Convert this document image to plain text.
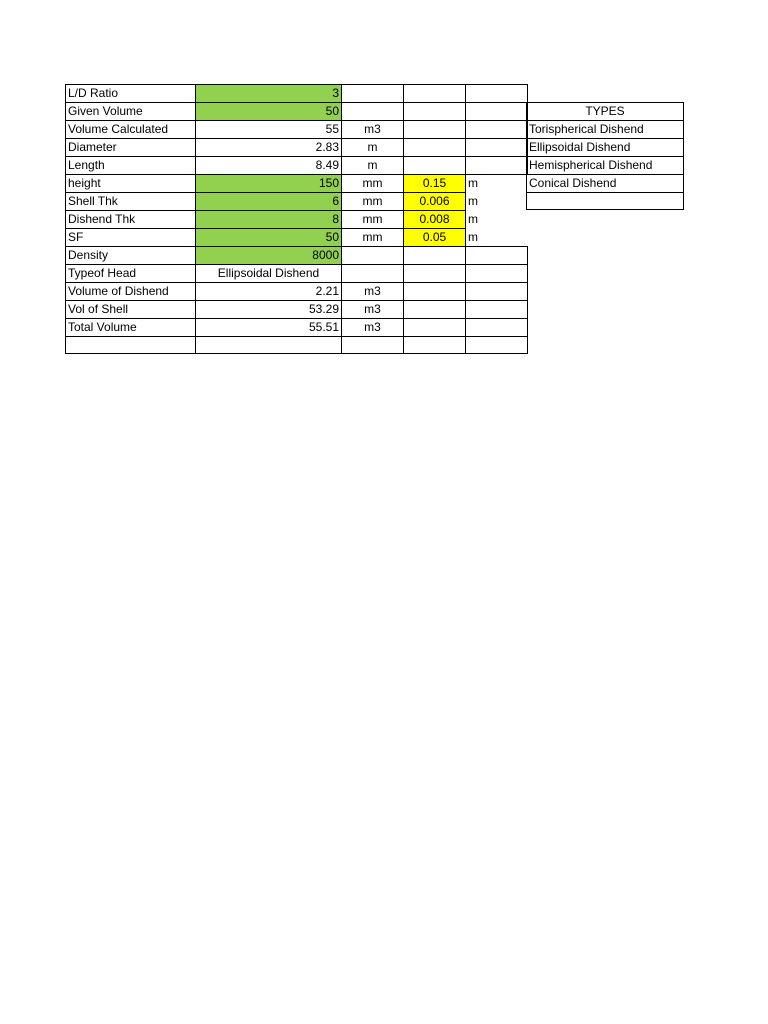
L/D Ratio	3			
Given Volume	50			
Volume Calculated	55	m3		
Diameter	2.83	m		
Length	8.49	m		
height	150	mm	0.15	m
Shell Thk	6	mm	0.006	m
Dishend Thk	8	mm	0.008	m
SF	50	mm	0.05	m
Density	8000			
Typeof Head	Ellipsoidal Dishend			
Volume of Dishend	2.21	m3		
Vol of Shell	53.29	m3		
Total Volume	55.51	m3		

TYPES
Torispherical Dishend
Ellipsoidal Dishend
Hemispherical Dishend
Conical Dishend
